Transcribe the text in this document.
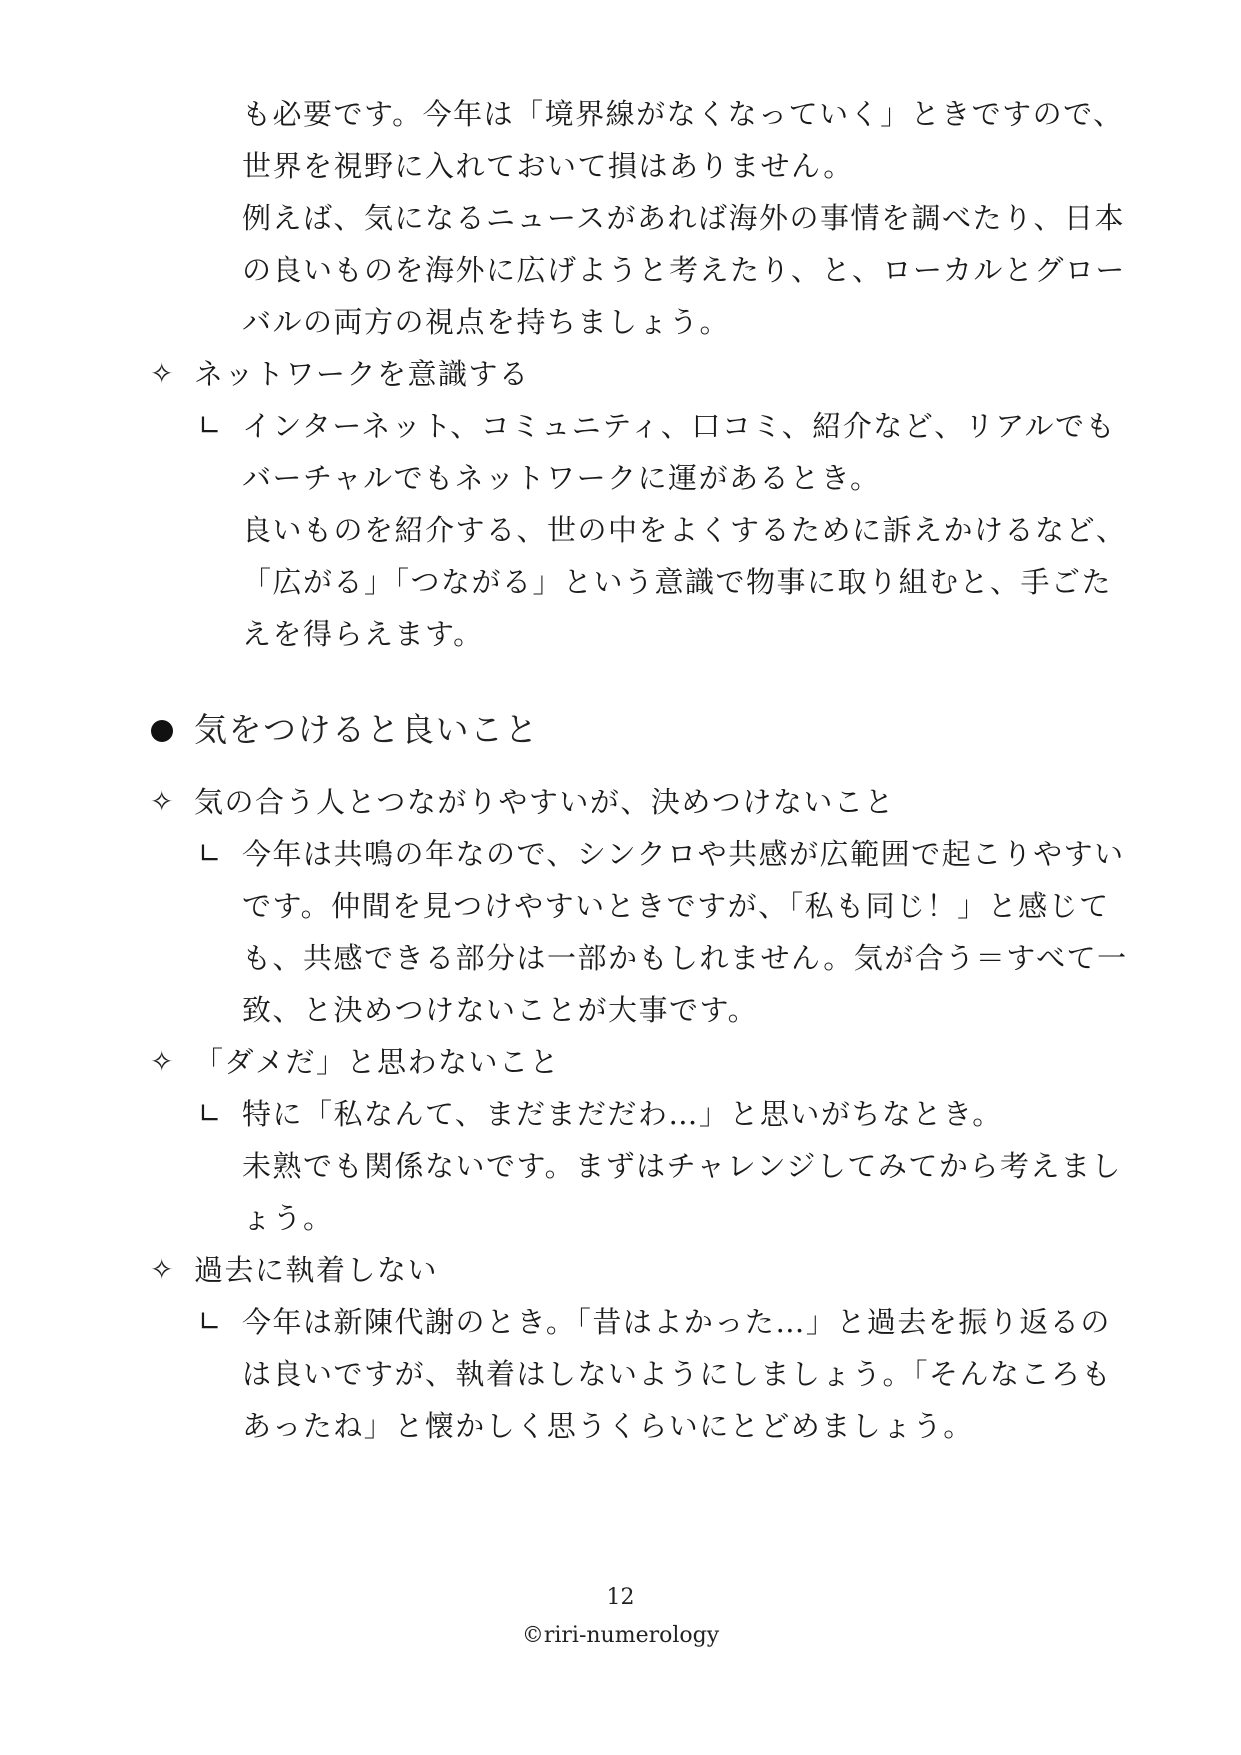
も必要です。今年は「境界線がなくなっていく」ときですので、
世界を視野に入れておいて損はありません。
例えば、気になるニュースがあれば海外の事情を調べたり、日本
の良いものを海外に広げようと考えたり、と、ローカルとグロー
バルの両方の視点を持ちましょう。
✧ ネットワークを意識する
∟ インターネット、コミュニティ、口コミ、紹介など、リアルでも
バーチャルでもネットワークに運があるとき。
良いものを紹介する、世の中をよくするために訴えかけるなど、
「広がる」「つながる」という意識で物事に取り組むと、手ごた
えを得らえます。
気をつけると良いこと
✧ 気の合う人とつながりやすいが、決めつけないこと
∟ 今年は共鳴の年なので、シンクロや共感が広範囲で起こりやすい
です。仲間を見つけやすいときですが、「私も同じ！」と感じて
も、共感できる部分は一部かもしれません。気が合う＝すべて一
致、と決めつけないことが大事です。
✧ 「ダメだ」と思わないこと
∟ 特に「私なんて、まだまだだわ…」と思いがちなとき。
未熟でも関係ないです。まずはチャレンジしてみてから考えまし
ょう。
✧ 過去に執着しない
∟ 今年は新陳代謝のとき。「昔はよかった…」と過去を振り返るの
は良いですが、執着はしないようにしましょう。「そんなころも
あったね」と懐かしく思うくらいにとどめましょう。
12
©riri-numerology
